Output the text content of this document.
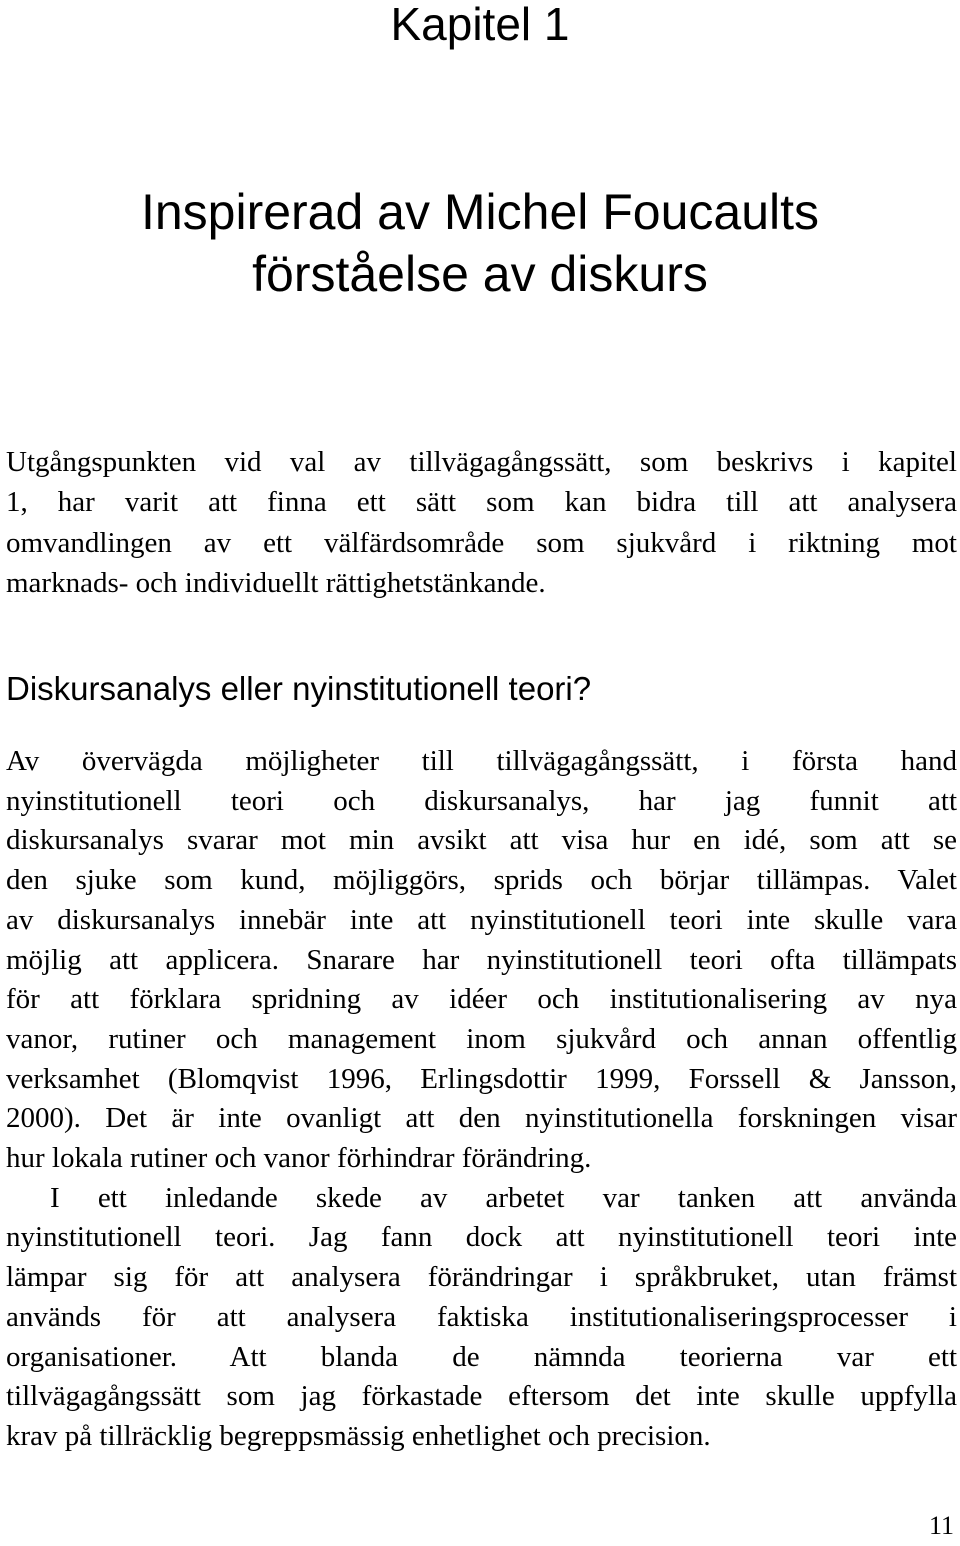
Kapitel 1
Inspirerad av Michel Foucaults
förståelse av diskurs

Utgångspunkten vid val av tillvägagångssätt, som beskrivs i kapitel
1, har varit att finna ett sätt som kan bidra till att analysera
omvandlingen av ett välfärdsområde som sjukvård i riktning mot
marknads- och individuellt rättighetstänkande.

Diskursanalys eller nyinstitutionell teori?
Av övervägda möjligheter till tillvägagångssätt, i första hand
nyinstitutionell teori och diskursanalys, har jag funnit att
diskursanalys svarar mot min avsikt att visa hur en idé, som att se
den sjuke som kund, möjliggörs, sprids och börjar tillämpas. Valet
av diskursanalys innebär inte att nyinstitutionell teori inte skulle vara
möjlig att applicera. Snarare har nyinstitutionell teori ofta tillämpats
för att förklara spridning av idéer och institutionalisering av nya
vanor, rutiner och management inom sjukvård och annan offentlig
verksamhet (Blomqvist 1996, Erlingsdottir 1999, Forssell & Jansson,
2000). Det är inte ovanligt att den nyinstitutionella forskningen visar
hur lokala rutiner och vanor förhindrar förändring.
I ett inledande skede av arbetet var tanken att använda
nyinstitutionell teori. Jag fann dock att nyinstitutionell teori inte
lämpar sig för att analysera förändringar i språkbruket, utan främst
används för att analysera faktiska institutionaliseringsprocesser i
organisationer. Att blanda de nämnda teorierna var ett
tillvägagångssätt som jag förkastade eftersom det inte skulle uppfylla
krav på tillräcklig begreppsmässig enhetlighet och precision.
11
